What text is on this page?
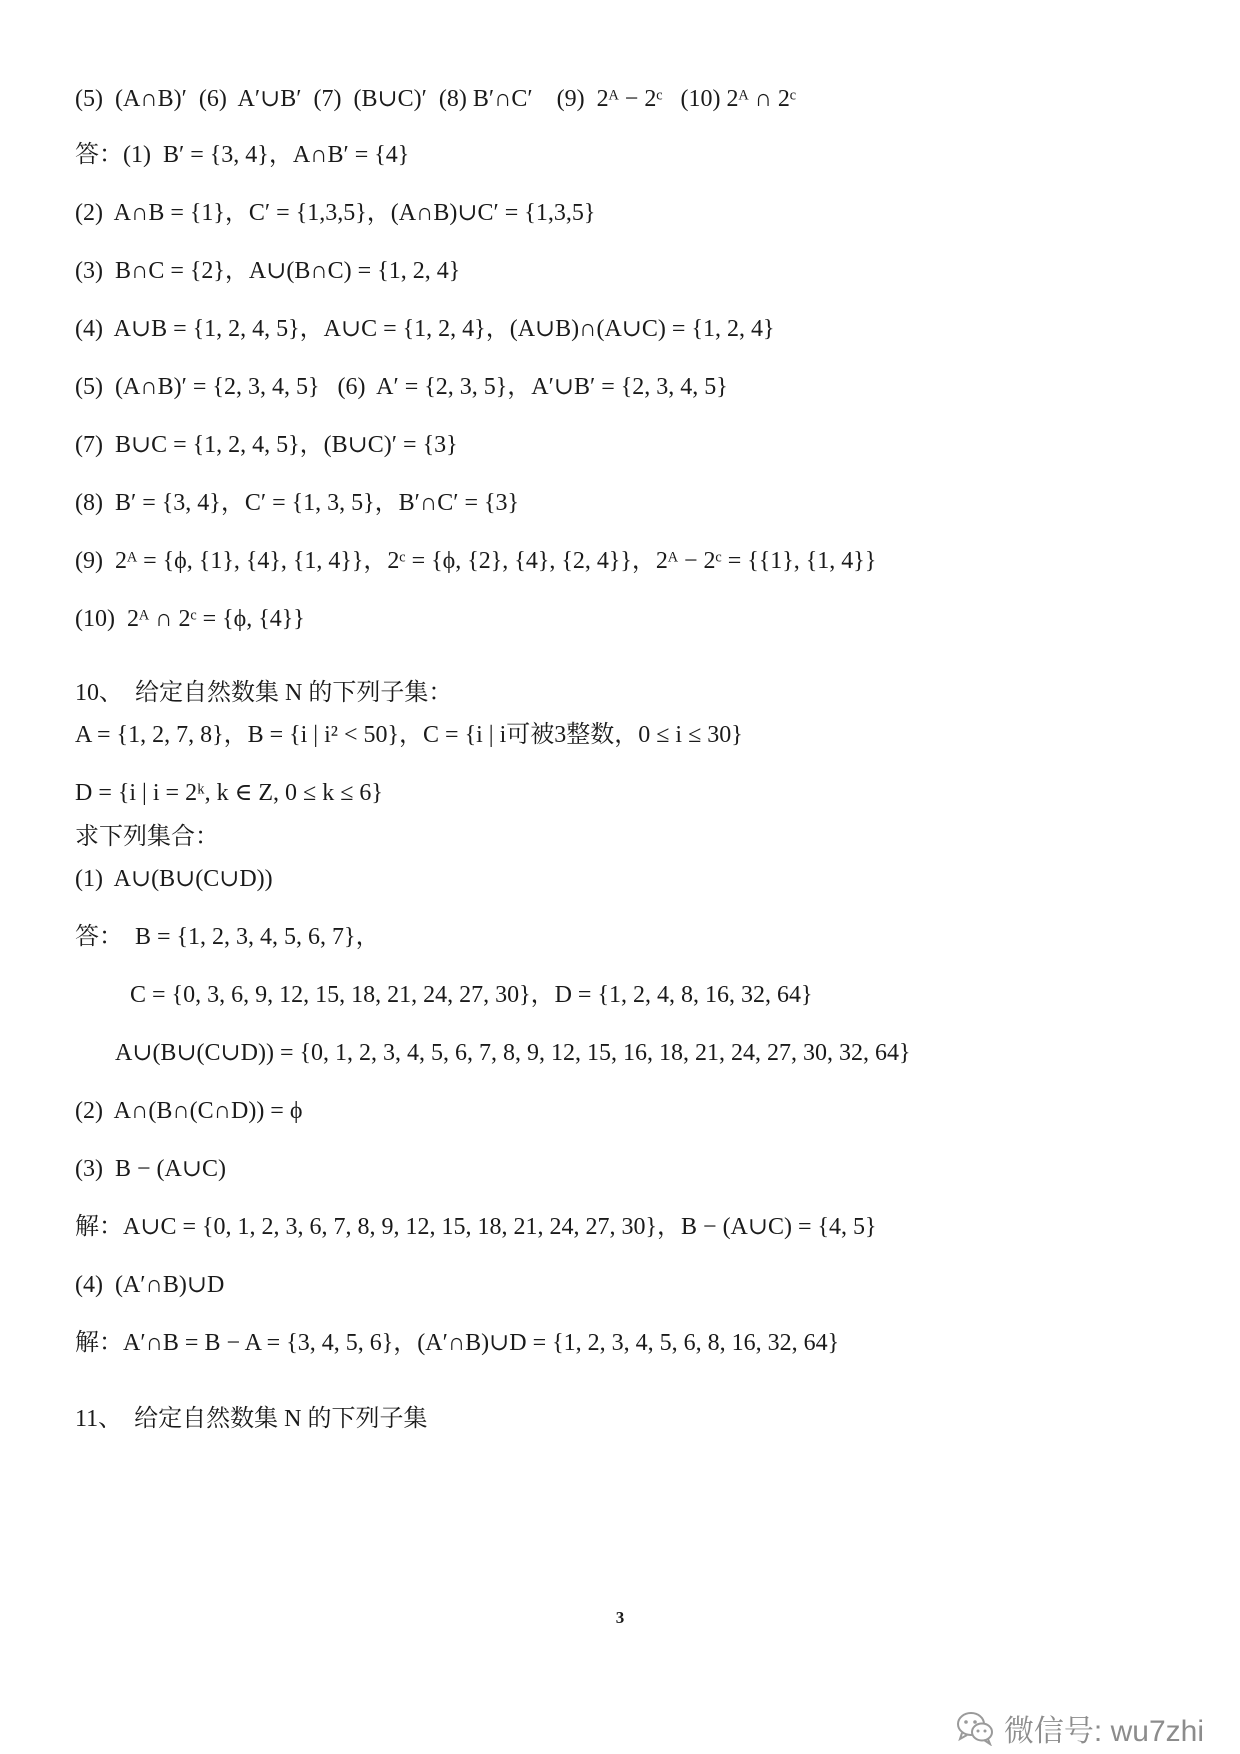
(5)  (A∩B)′  (6)  A′∪B′  (7)  (B∪C)′  (8) B′∩C′    (9)  2ᴬ − 2ᶜ   (10) 2ᴬ ∩ 2ᶜ
答：(1)  B′ = {3, 4}，A∩B′ = {4}
(2)  A∩B = {1}，C′ = {1,3,5}，(A∩B)∪C′ = {1,3,5}
(3)  B∩C = {2}，A∪(B∩C) = {1, 2, 4}
(4)  A∪B = {1, 2, 4, 5}，A∪C = {1, 2, 4}，(A∪B)∩(A∪C) = {1, 2, 4}
(5)  (A∩B)′ = {2, 3, 4, 5}   (6)  A′ = {2, 3, 5}，A′∪B′ = {2, 3, 4, 5}
(7)  B∪C = {1, 2, 4, 5}，(B∪C)′ = {3}
(8)  B′ = {3, 4}，C′ = {1, 3, 5}，B′∩C′ = {3}
(9)  2ᴬ = {ϕ, {1}, {4}, {1, 4}}，2ᶜ = {ϕ, {2}, {4}, {2, 4}}，2ᴬ − 2ᶜ = {{1}, {1, 4}}
(10)  2ᴬ ∩ 2ᶜ = {ϕ, {4}}
10、  给定自然数集 N 的下列子集：
A = {1, 2, 7, 8}，B = {i | i² < 50}，C = {i | i可被3整数，0 ≤ i ≤ 30}
D = {i | i = 2ᵏ, k ∈ Z, 0 ≤ k ≤ 6}
求下列集合：
(1)  A∪(B∪(C∪D))
答：  B = {1, 2, 3, 4, 5, 6, 7}，
C = {0, 3, 6, 9, 12, 15, 18, 21, 24, 27, 30}，D = {1, 2, 4, 8, 16, 32, 64}
A∪(B∪(C∪D)) = {0, 1, 2, 3, 4, 5, 6, 7, 8, 9, 12, 15, 16, 18, 21, 24, 27, 30, 32, 64}
(2)  A∩(B∩(C∩D)) = ϕ
(3)  B − (A∪C)
解：A∪C = {0, 1, 2, 3, 6, 7, 8, 9, 12, 15, 18, 21, 24, 27, 30}，B − (A∪C) = {4, 5}
(4)  (A′∩B)∪D
解：A′∩B = B − A = {3, 4, 5, 6}，(A′∩B)∪D = {1, 2, 3, 4, 5, 6, 8, 16, 32, 64}
11、  给定自然数集 N 的下列子集
3
微信号: wu7zhi
